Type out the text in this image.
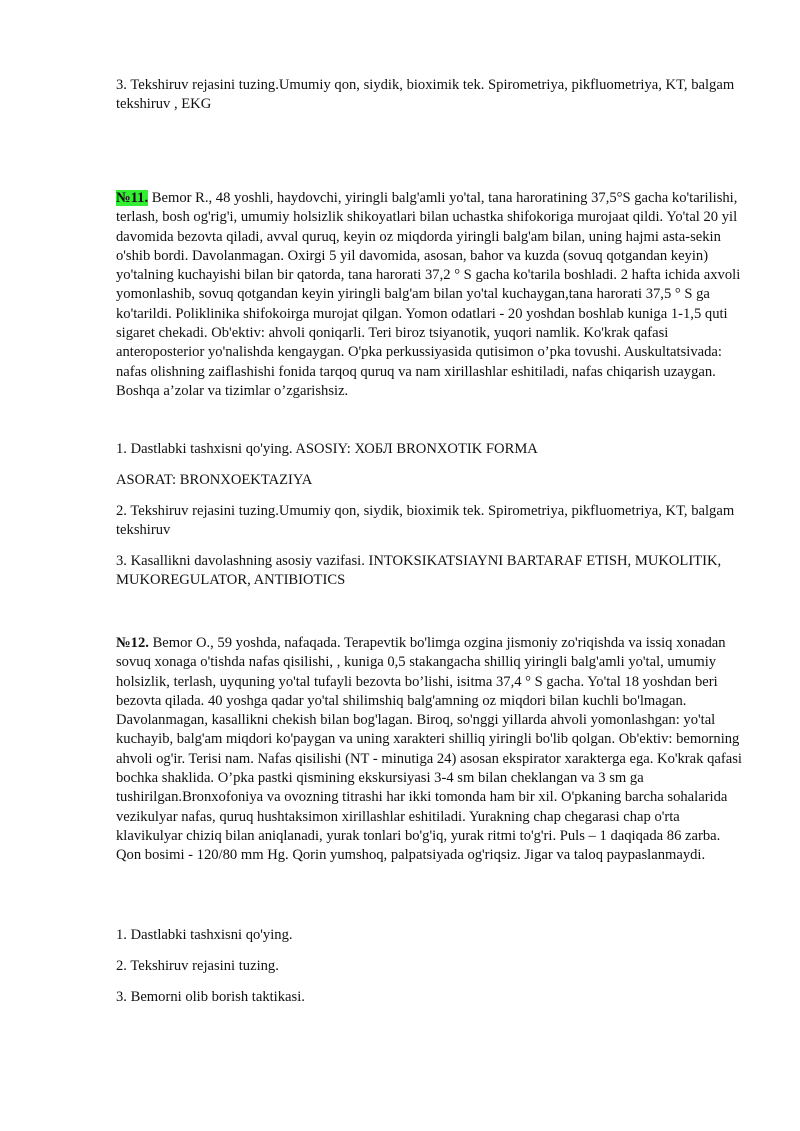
3. Tekshiruv rejasini tuzing.Umumiy qon, siydik, bioximik tek. Spirometriya, pikfluometriya, KT, balgam tekshiruv , EKG

№11. Bemor R., 48 yoshli, haydovchi, yiringli balg'amli yo'tal, tana haroratining 37,5°S gacha ko'tarilishi, terlash, bosh og'rig'i, umumiy holsizlik shikoyatlari bilan uchastka shifokoriga murojaat qildi. Yo'tal 20 yil davomida bezovta qiladi, avval quruq, keyin oz miqdorda yiringli balg'am bilan, uning hajmi asta-sekin o'shib bordi. Davolanmagan. Oxirgi 5 yil davomida, asosan, bahor va kuzda (sovuq qotgandan keyin) yo'talning kuchayishi bilan bir qatorda, tana harorati 37,2 ° S gacha ko'tarila boshladi. 2 hafta ichida axvoli yomonlashib, sovuq qotgandan keyin yiringli balg'am bilan yo'tal kuchaygan,tana harorati 37,5 ° S ga ko'tarildi. Poliklinika shifokoirga murojat qilgan. Yomon odatlari - 20 yoshdan boshlab kuniga 1-1,5 quti sigaret chekadi. Ob'ektiv: ahvoli qoniqarli. Teri biroz tsiyanotik, yuqori namlik. Ko'krak qafasi anteroposterior yo'nalishda kengaygan. O'pka perkussiyasida qutisimon o’pka tovushi. Auskultatsivada: nafas olishning zaiflashishi fonida tarqoq quruq va nam xirillashlar eshitiladi, nafas chiqarish uzaygan. Boshqa a’zolar va tizimlar o’zgarishsiz.

1. Dastlabki tashxisni qo'ying. ASOSIY: ХОБЛ BRONXOTIK FORMA

ASORAT: BRONXOEKTAZIYA

2. Tekshiruv rejasini tuzing.Umumiy qon, siydik, bioximik tek. Spirometriya, pikfluometriya, KT, balgam tekshiruv

3. Kasallikni davolashning asosiy vazifasi. INTOKSIKATSIAYNI BARTARAF ETISH, MUKOLITIK, MUKOREGULATOR, ANTIBIOTICS

№12. Bemor O., 59 yoshda, nafaqada. Terapevtik bo'limga ozgina jismoniy zo'riqishda va issiq xonadan sovuq xonaga o'tishda nafas qisilishi, , kuniga 0,5 stakangacha shilliq yiringli balg'amli yo'tal, umumiy holsizlik, terlash, uyquning yo'tal tufayli bezovta bo’lishi, isitma 37,4 ° S gacha. Yo'tal 18 yoshdan beri bezovta qilada. 40 yoshga qadar yo'tal shilimshiq balg'amning oz miqdori bilan kuchli bo'lmagan. Davolanmagan, kasallikni chekish bilan bog'lagan. Biroq, so'nggi yillarda ahvoli yomonlashgan: yo'tal kuchayib, balg'am miqdori ko'paygan va uning xarakteri shilliq yiringli bo'lib qolgan. Ob'ektiv: bemorning ahvoli og'ir. Terisi nam. Nafas qisilishi (NT - minutiga 24) asosan ekspirator xarakterga ega. Ko'krak qafasi bochka shaklida. O’pka pastki qismining ekskursiyasi 3-4 sm bilan cheklangan va 3 sm ga tushirilgan.Bronxofoniya va ovozning titrashi har ikki tomonda ham bir xil. O'pkaning barcha sohalarida vezikulyar nafas, quruq hushtaksimon xirillashlar eshitiladi. Yurakning chap chegarasi chap o'rta klavikulyar chiziq bilan aniqlanadi, yurak tonlari bo'g'iq, yurak ritmi to'g'ri. Puls – 1 daqiqada 86 zarba. Qon bosimi - 120/80 mm Hg. Qorin yumshoq, palpatsiyada og'riqsiz. Jigar va taloq paypaslanmaydi.

1. Dastlabki tashxisni qo'ying.

2. Tekshiruv rejasini tuzing.

3. Bemorni olib borish taktikasi.
